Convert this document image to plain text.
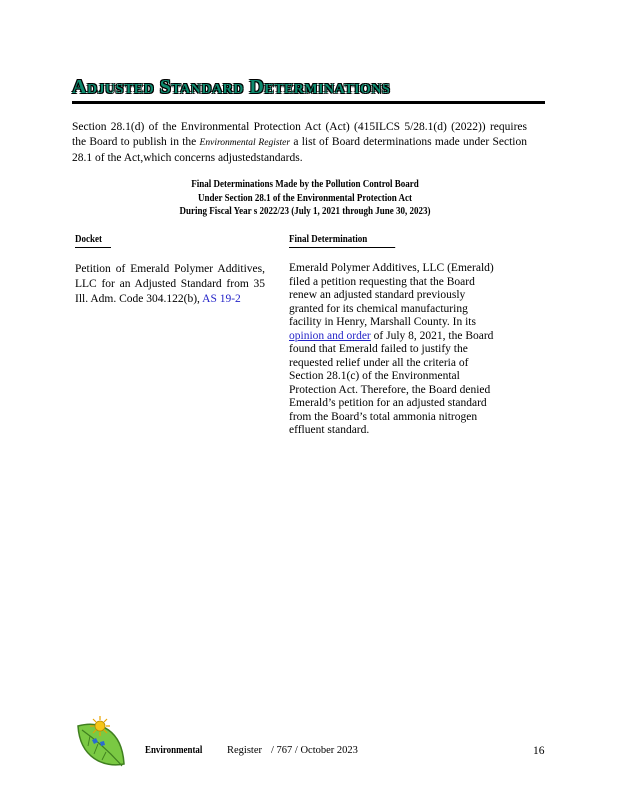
Adjusted Standard Determinations

Section 28.1(d) of the Environmental Protection Act (Act) (415ILCS 5/28.1(d) (2022)) requires the Board to publish in the Environmental Register a list of Board determinations made under Section 28.1 of the Act,which concerns adjustedstandards.

Final Determinations Made by the Pollution Control Board
Under Section 28.1 of the Environmental Protection Act
During Fiscal Year s 2022/23 (July 1, 2021 through June 30, 2023)
Docket	Final Determination

Petition of Emerald Polymer Additives, LLC for an Adjusted Standard from 35 Ill. Adm. Code 304.122(b), AS 19-2

Emerald Polymer Additives, LLC (Emerald) filed a petition requesting that the Board renew an adjusted standard previously granted for its chemical manufacturing facility in Henry, Marshall County. In its opinion and order of July 8, 2021, the Board found that Emerald failed to justify the requested relief under all the criteria of Section 28.1(c) of the Environmental Protection Act. Therefore, the Board denied Emerald’s petition for an adjusted standard from the Board’s total ammonia nitrogen effluent standard.

Environmental Register / 767 / October 2023	16
